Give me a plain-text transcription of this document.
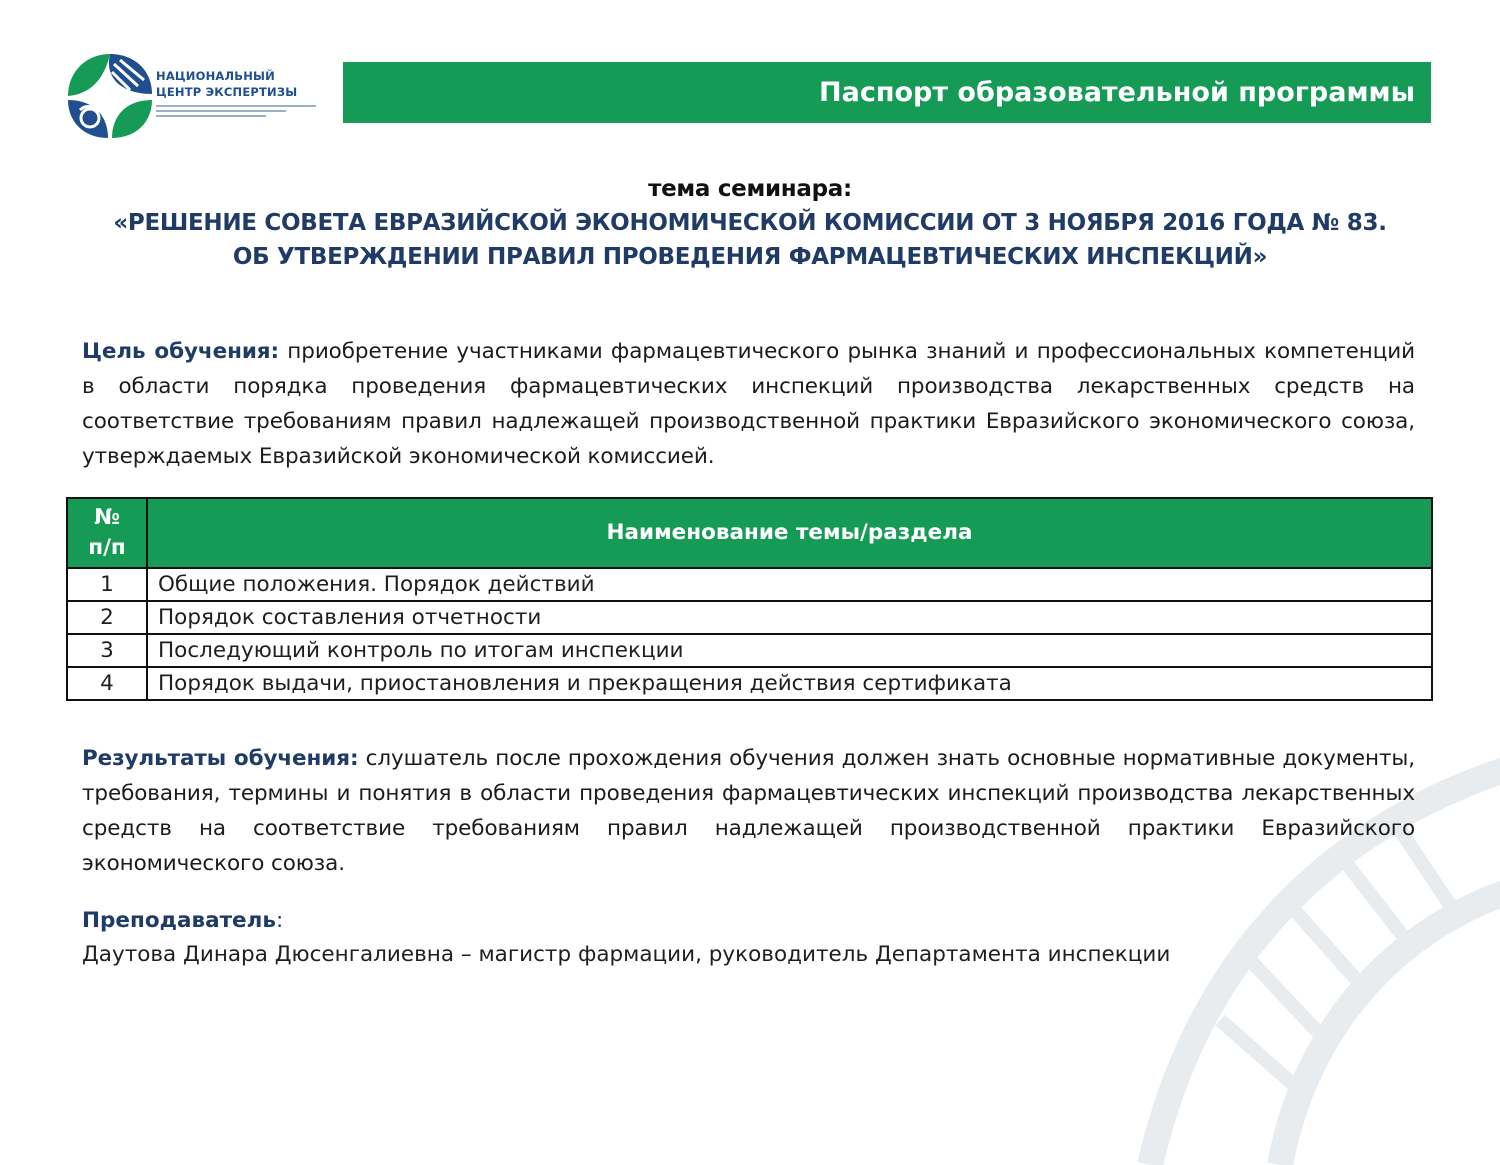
НАЦИОНАЛЬНЫЙ
ЦЕНТР ЭКСПЕРТИЗЫ	Паспорт образовательной программы
тема семинара:
«РЕШЕНИЕ СОВЕТА ЕВРАЗИЙСКОЙ ЭКОНОМИЧЕСКОЙ КОМИССИИ ОТ 3 НОЯБРЯ 2016 ГОДА № 83.
ОБ УТВЕРЖДЕНИИ ПРАВИЛ ПРОВЕДЕНИЯ ФАРМАЦЕВТИЧЕСКИХ ИНСПЕКЦИЙ»
Цель обучения: приобретение участниками фармацевтического рынка знаний и профессиональных компетенций в области порядка проведения фармацевтических инспекций производства лекарственных средств на соответствие требованиям правил надлежащей производственной практики Евразийского экономического союза, утверждаемых Евразийской экономической комиссией.
№
п/п	Наименование темы/раздела
1	Общие положения. Порядок действий
2	Порядок составления отчетности
3	Последующий контроль по итогам инспекции
4	Порядок выдачи, приостановления и прекращения действия сертификата
Результаты обучения: слушатель после прохождения обучения должен знать основные нормативные документы, требования, термины и понятия в области проведения фармацевтических инспекций производства лекарственных средств на соответствие требованиям правил надлежащей производственной практики Евразийского экономического союза.
Преподаватель:
Даутова Динара Дюсенгалиевна – магистр фармации, руководитель Департамента инспекции
